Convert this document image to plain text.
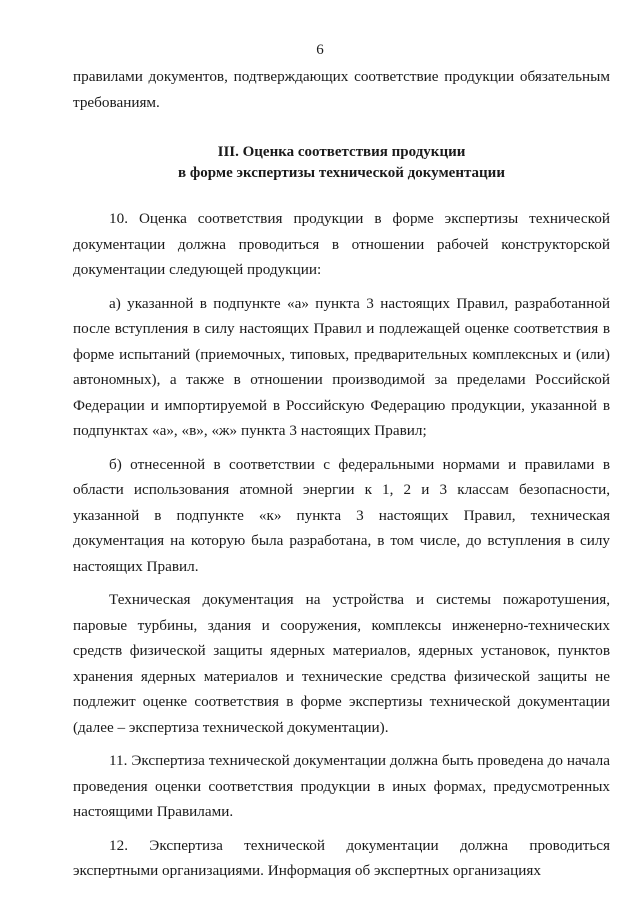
6

правилами документов, подтверждающих соответствие продукции обязательным требованиям.

III. Оценка соответствия продукции
в форме экспертизы технической документации

10. Оценка соответствия продукции в форме экспертизы технической документации должна проводиться в отношении рабочей конструкторской документации следующей продукции:

а) указанной в подпункте «а» пункта 3 настоящих Правил, разработанной после вступления в силу настоящих Правил и подлежащей оценке соответствия в форме испытаний (приемочных, типовых, предварительных комплексных и (или) автономных), а также в отношении производимой за пределами Российской Федерации и импортируемой в Российскую Федерацию продукции, указанной в подпунктах «а», «в», «ж» пункта 3 настоящих Правил;

б) отнесенной в соответствии с федеральными нормами и правилами в области использования атомной энергии к 1, 2 и 3 классам безопасности, указанной в подпункте «к» пункта 3 настоящих Правил, техническая документация на которую была разработана, в том числе, до вступления в силу настоящих Правил.

Техническая документация на устройства и системы пожаротушения, паровые турбины, здания и сооружения, комплексы инженерно-технических средств физической защиты ядерных материалов, ядерных установок, пунктов хранения ядерных материалов и технические средства физической защиты не подлежит оценке соответствия в форме экспертизы технической документации (далее – экспертиза технической документации).

11. Экспертиза технической документации должна быть проведена до начала проведения оценки соответствия продукции в иных формах, предусмотренных настоящими Правилами.

12. Экспертиза технической документации должна проводиться экспертными организациями. Информация об экспертных организациях
